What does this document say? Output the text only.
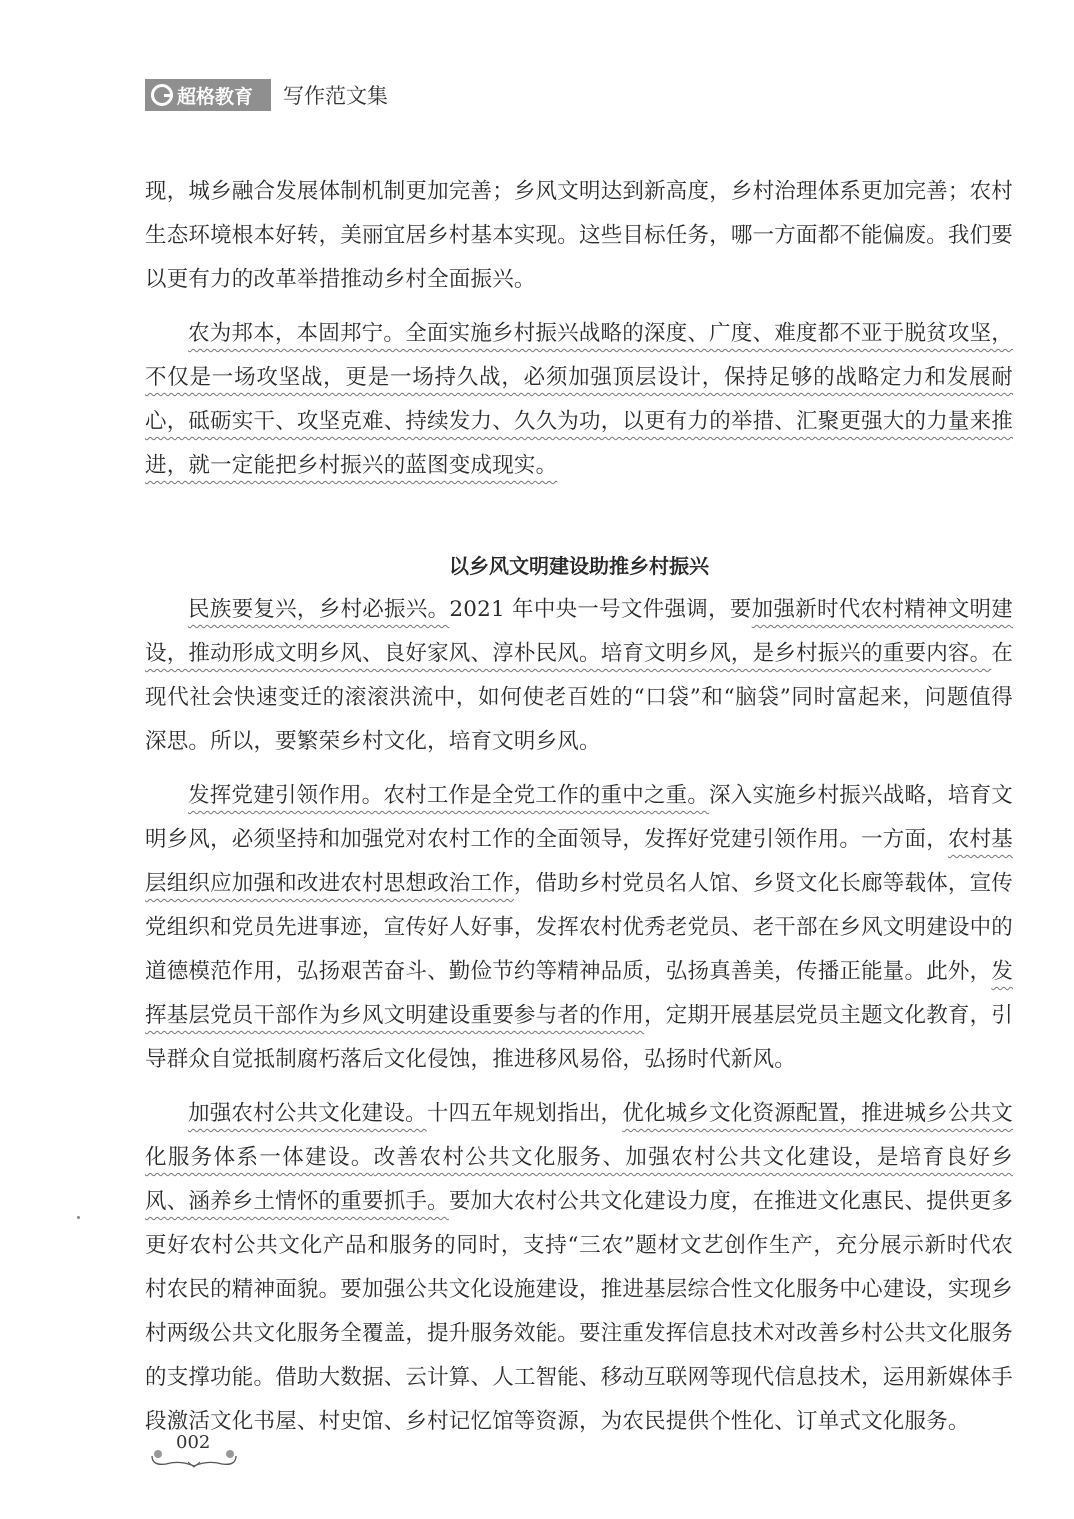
超格教育 写作范文集

现，城乡融合发展体制机制更加完善；乡风文明达到新高度，乡村治理体系更加完善；农村生态环境根本好转，美丽宜居乡村基本实现。这些目标任务，哪一方面都不能偏废。我们要以更有力的改革举措推动乡村全面振兴。

农为邦本，本固邦宁。全面实施乡村振兴战略的深度、广度、难度都不亚于脱贫攻坚，不仅是一场攻坚战，更是一场持久战，必须加强顶层设计，保持足够的战略定力和发展耐心，砥砺实干、攻坚克难、持续发力、久久为功，以更有力的举措、汇聚更强大的力量来推进，就一定能把乡村振兴的蓝图变成现实。

以乡风文明建设助推乡村振兴

民族要复兴，乡村必振兴。2021 年中央一号文件强调，要加强新时代农村精神文明建设，推动形成文明乡风、良好家风、淳朴民风。培育文明乡风，是乡村振兴的重要内容。在现代社会快速变迁的滚滚洪流中，如何使老百姓的“口袋”和“脑袋”同时富起来，问题值得深思。所以，要繁荣乡村文化，培育文明乡风。

发挥党建引领作用。农村工作是全党工作的重中之重。深入实施乡村振兴战略，培育文明乡风，必须坚持和加强党对农村工作的全面领导，发挥好党建引领作用。一方面，农村基层组织应加强和改进农村思想政治工作，借助乡村党员名人馆、乡贤文化长廊等载体，宣传党组织和党员先进事迹，宣传好人好事，发挥农村优秀老党员、老干部在乡风文明建设中的道德模范作用，弘扬艰苦奋斗、勤俭节约等精神品质，弘扬真善美，传播正能量。此外，发挥基层党员干部作为乡风文明建设重要参与者的作用，定期开展基层党员主题文化教育，引导群众自觉抵制腐朽落后文化侵蚀，推进移风易俗，弘扬时代新风。

加强农村公共文化建设。十四五年规划指出，优化城乡文化资源配置，推进城乡公共文化服务体系一体建设。改善农村公共文化服务、加强农村公共文化建设，是培育良好乡风、涵养乡土情怀的重要抓手。要加大农村公共文化建设力度，在推进文化惠民、提供更多更好农村公共文化产品和服务的同时，支持“三农”题材文艺创作生产，充分展示新时代农村农民的精神面貌。要加强公共文化设施建设，推进基层综合性文化服务中心建设，实现乡村两级公共文化服务全覆盖，提升服务效能。要注重发挥信息技术对改善乡村公共文化服务的支撑功能。借助大数据、云计算、人工智能、移动互联网等现代信息技术，运用新媒体手段激活文化书屋、村史馆、乡村记忆馆等资源，为农民提供个性化、订单式文化服务。

002
